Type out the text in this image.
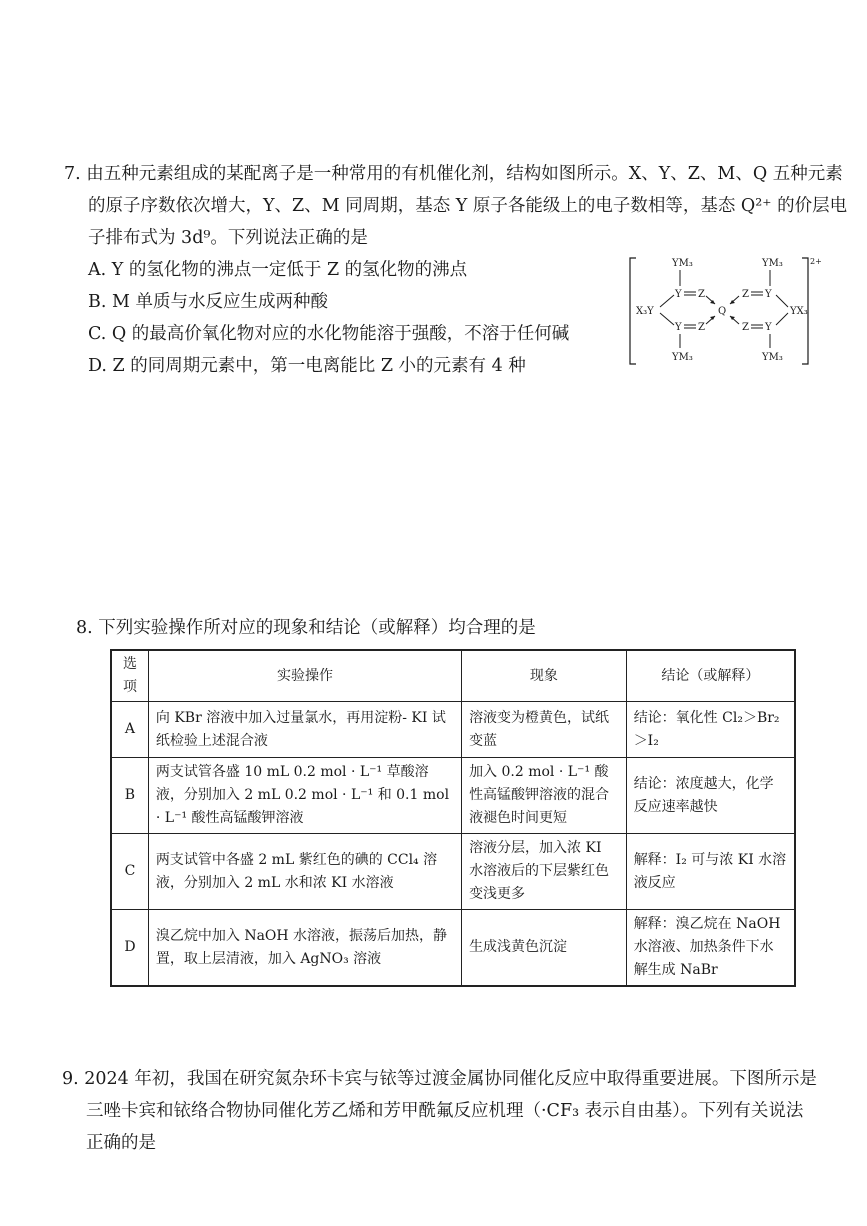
7. 由五种元素组成的某配离子是一种常用的有机催化剂，结构如图所示。X、Y、Z、M、Q 五种元素
的原子序数依次增大，Y、Z、M 同周期，基态 Y 原子各能级上的电子数相等，基态 Q²⁺ 的价层电
子排布式为 3d⁹。下列说法正确的是
A. Y 的氢化物的沸点一定低于 Z 的氢化物的沸点
B. M 单质与水反应生成两种酸
C. Q 的最高价氧化物对应的水化物能溶于强酸，不溶于任何碱
D. Z 的同周期元素中，第一电离能比 Z 小的元素有 4 种
2+
YM₃	YM₃
Y Z	Z Y
Q
X₃Y	YX₃
Y Z	Z Y
YM₃	YM₃
8. 下列实验操作所对应的现象和结论（或解释）均合理的是
选项	实验操作	现象	结论（或解释）
A	向 KBr 溶液中加入过量氯水，再用淀粉- KI 试纸检验上述混合液	溶液变为橙黄色，试纸变蓝	结论：氧化性 Cl₂＞Br₂＞I₂
B	两支试管各盛 10 mL 0.2 mol · L⁻¹ 草酸溶液，分别加入 2 mL 0.2 mol · L⁻¹ 和 0.1 mol · L⁻¹ 酸性高锰酸钾溶液	加入 0.2 mol · L⁻¹ 酸性高锰酸钾溶液的混合液褪色时间更短	结论：浓度越大，化学反应速率越快
C	两支试管中各盛 2 mL 紫红色的碘的 CCl₄ 溶液，分别加入 2 mL 水和浓 KI 水溶液	溶液分层，加入浓 KI 水溶液后的下层紫红色变浅更多	解释：I₂ 可与浓 KI 水溶液反应
D	溴乙烷中加入 NaOH 水溶液，振荡后加热，静置，取上层清液，加入 AgNO₃ 溶液	生成浅黄色沉淀	解释：溴乙烷在 NaOH 水溶液、加热条件下水解生成 NaBr
9. 2024 年初，我国在研究氮杂环卡宾与铱等过渡金属协同催化反应中取得重要进展。下图所示是
三唑卡宾和铱络合物协同催化芳乙烯和芳甲酰氟反应机理（·CF₃ 表示自由基）。下列有关说法
正确的是
